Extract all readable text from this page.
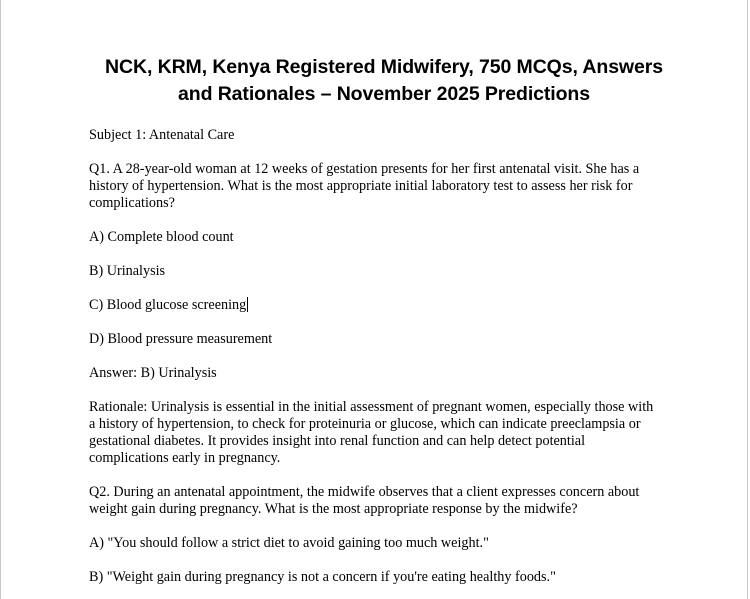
NCK, KRM, Kenya Registered Midwifery, 750 MCQs, Answers
and Rationales – November 2025 Predictions

Subject 1: Antenatal Care

Q1. A 28-year-old woman at 12 weeks of gestation presents for her first antenatal visit. She has a history of hypertension. What is the most appropriate initial laboratory test to assess her risk for complications?

A) Complete blood count

B) Urinalysis

C) Blood glucose screening

D) Blood pressure measurement

Answer: B) Urinalysis

Rationale: Urinalysis is essential in the initial assessment of pregnant women, especially those with a history of hypertension, to check for proteinuria or glucose, which can indicate preeclampsia or gestational diabetes. It provides insight into renal function and can help detect potential complications early in pregnancy.

Q2. During an antenatal appointment, the midwife observes that a client expresses concern about weight gain during pregnancy. What is the most appropriate response by the midwife?

A) "You should follow a strict diet to avoid gaining too much weight."

B) "Weight gain during pregnancy is not a concern if you're eating healthy foods."
